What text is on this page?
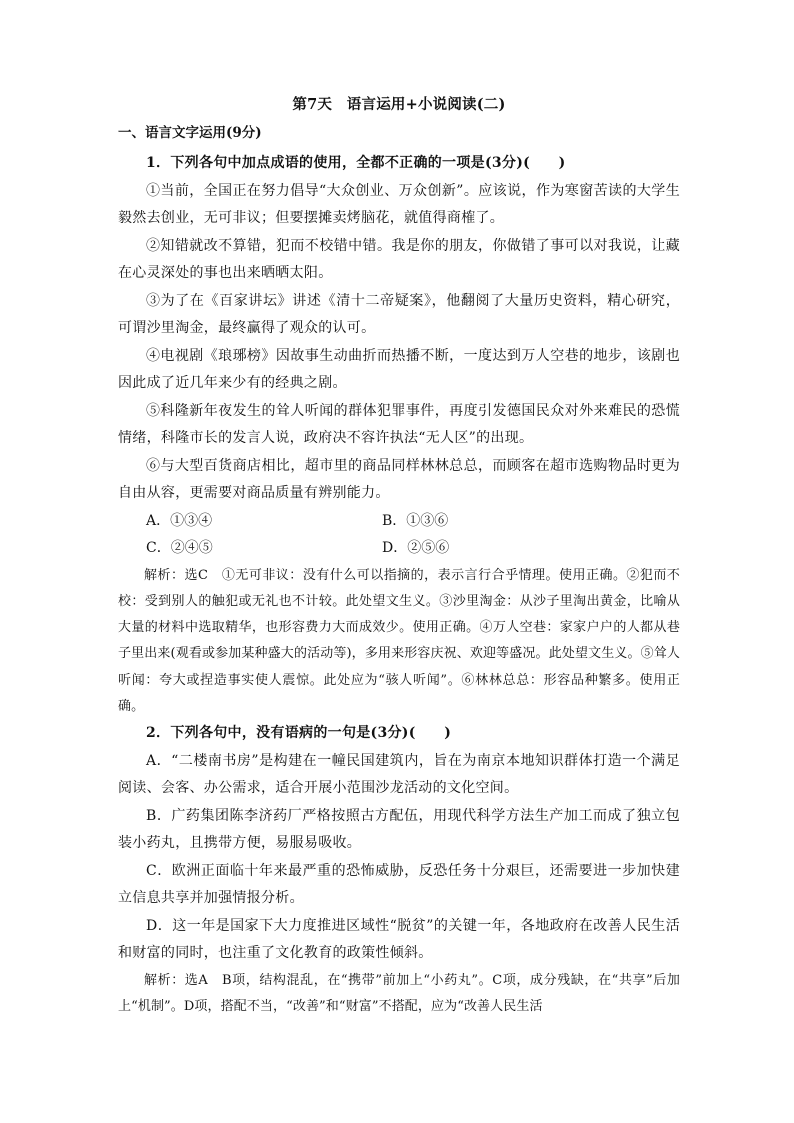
第7天　语言运用+小说阅读(二)
一、语言文字运用(9分)

1．下列各句中加点成语的使用，全都不正确的一项是(3分)(　　)

①当前，全国正在努力倡导“大众创业、万众创新”。应该说，作为寒窗苦读的大学生毅然去创业，无可非议；但要摆摊卖烤脑花，就值得商榷了。

②知错就改不算错，犯而不校错中错。我是你的朋友，你做错了事可以对我说，让藏在心灵深处的事也出来晒晒太阳。

③为了在《百家讲坛》讲述《清十二帝疑案》，他翻阅了大量历史资料，精心研究，可谓沙里淘金，最终赢得了观众的认可。

④电视剧《琅琊榜》因故事生动曲折而热播不断，一度达到万人空巷的地步，该剧也因此成了近几年来少有的经典之剧。

⑤科隆新年夜发生的耸人听闻的群体犯罪事件，再度引发德国民众对外来难民的恐慌情绪，科隆市长的发言人说，政府决不容许执法“无人区”的出现。

⑥与大型百货商店相比，超市里的商品同样林林总总，而顾客在超市选购物品时更为自由从容，更需要对商品质量有辨别能力。

A．①③④	B．①③⑥
C．②④⑤	D．②⑤⑥

解析：选C　①无可非议：没有什么可以指摘的，表示言行合乎情理。使用正确。②犯而不校：受到别人的触犯或无礼也不计较。此处望文生义。③沙里淘金：从沙子里淘出黄金，比喻从大量的材料中选取精华，也形容费力大而成效少。使用正确。④万人空巷：家家户户的人都从巷子里出来(观看或参加某种盛大的活动等)，多用来形容庆祝、欢迎等盛况。此处望文生义。⑤耸人听闻：夸大或捏造事实使人震惊。此处应为“骇人听闻”。⑥林林总总：形容品种繁多。使用正确。

2．下列各句中，没有语病的一句是(3分)(　　)

A．“二楼南书房”是构建在一幢民国建筑内，旨在为南京本地知识群体打造一个满足阅读、会客、办公需求，适合开展小范围沙龙活动的文化空间。

B．广药集团陈李济药厂严格按照古方配伍，用现代科学方法生产加工而成了独立包装小药丸，且携带方便，易服易吸收。

C．欧洲正面临十年来最严重的恐怖威胁，反恐任务十分艰巨，还需要进一步加快建立信息共享并加强情报分析。

D．这一年是国家下大力度推进区域性“脱贫”的关键一年，各地政府在改善人民生活和财富的同时，也注重了文化教育的政策性倾斜。

解析：选A　B项，结构混乱，在“携带”前加上“小药丸”。C项，成分残缺，在“共享”后加上“机制”。D项，搭配不当，“改善”和“财富”不搭配，应为“改善人民生活
